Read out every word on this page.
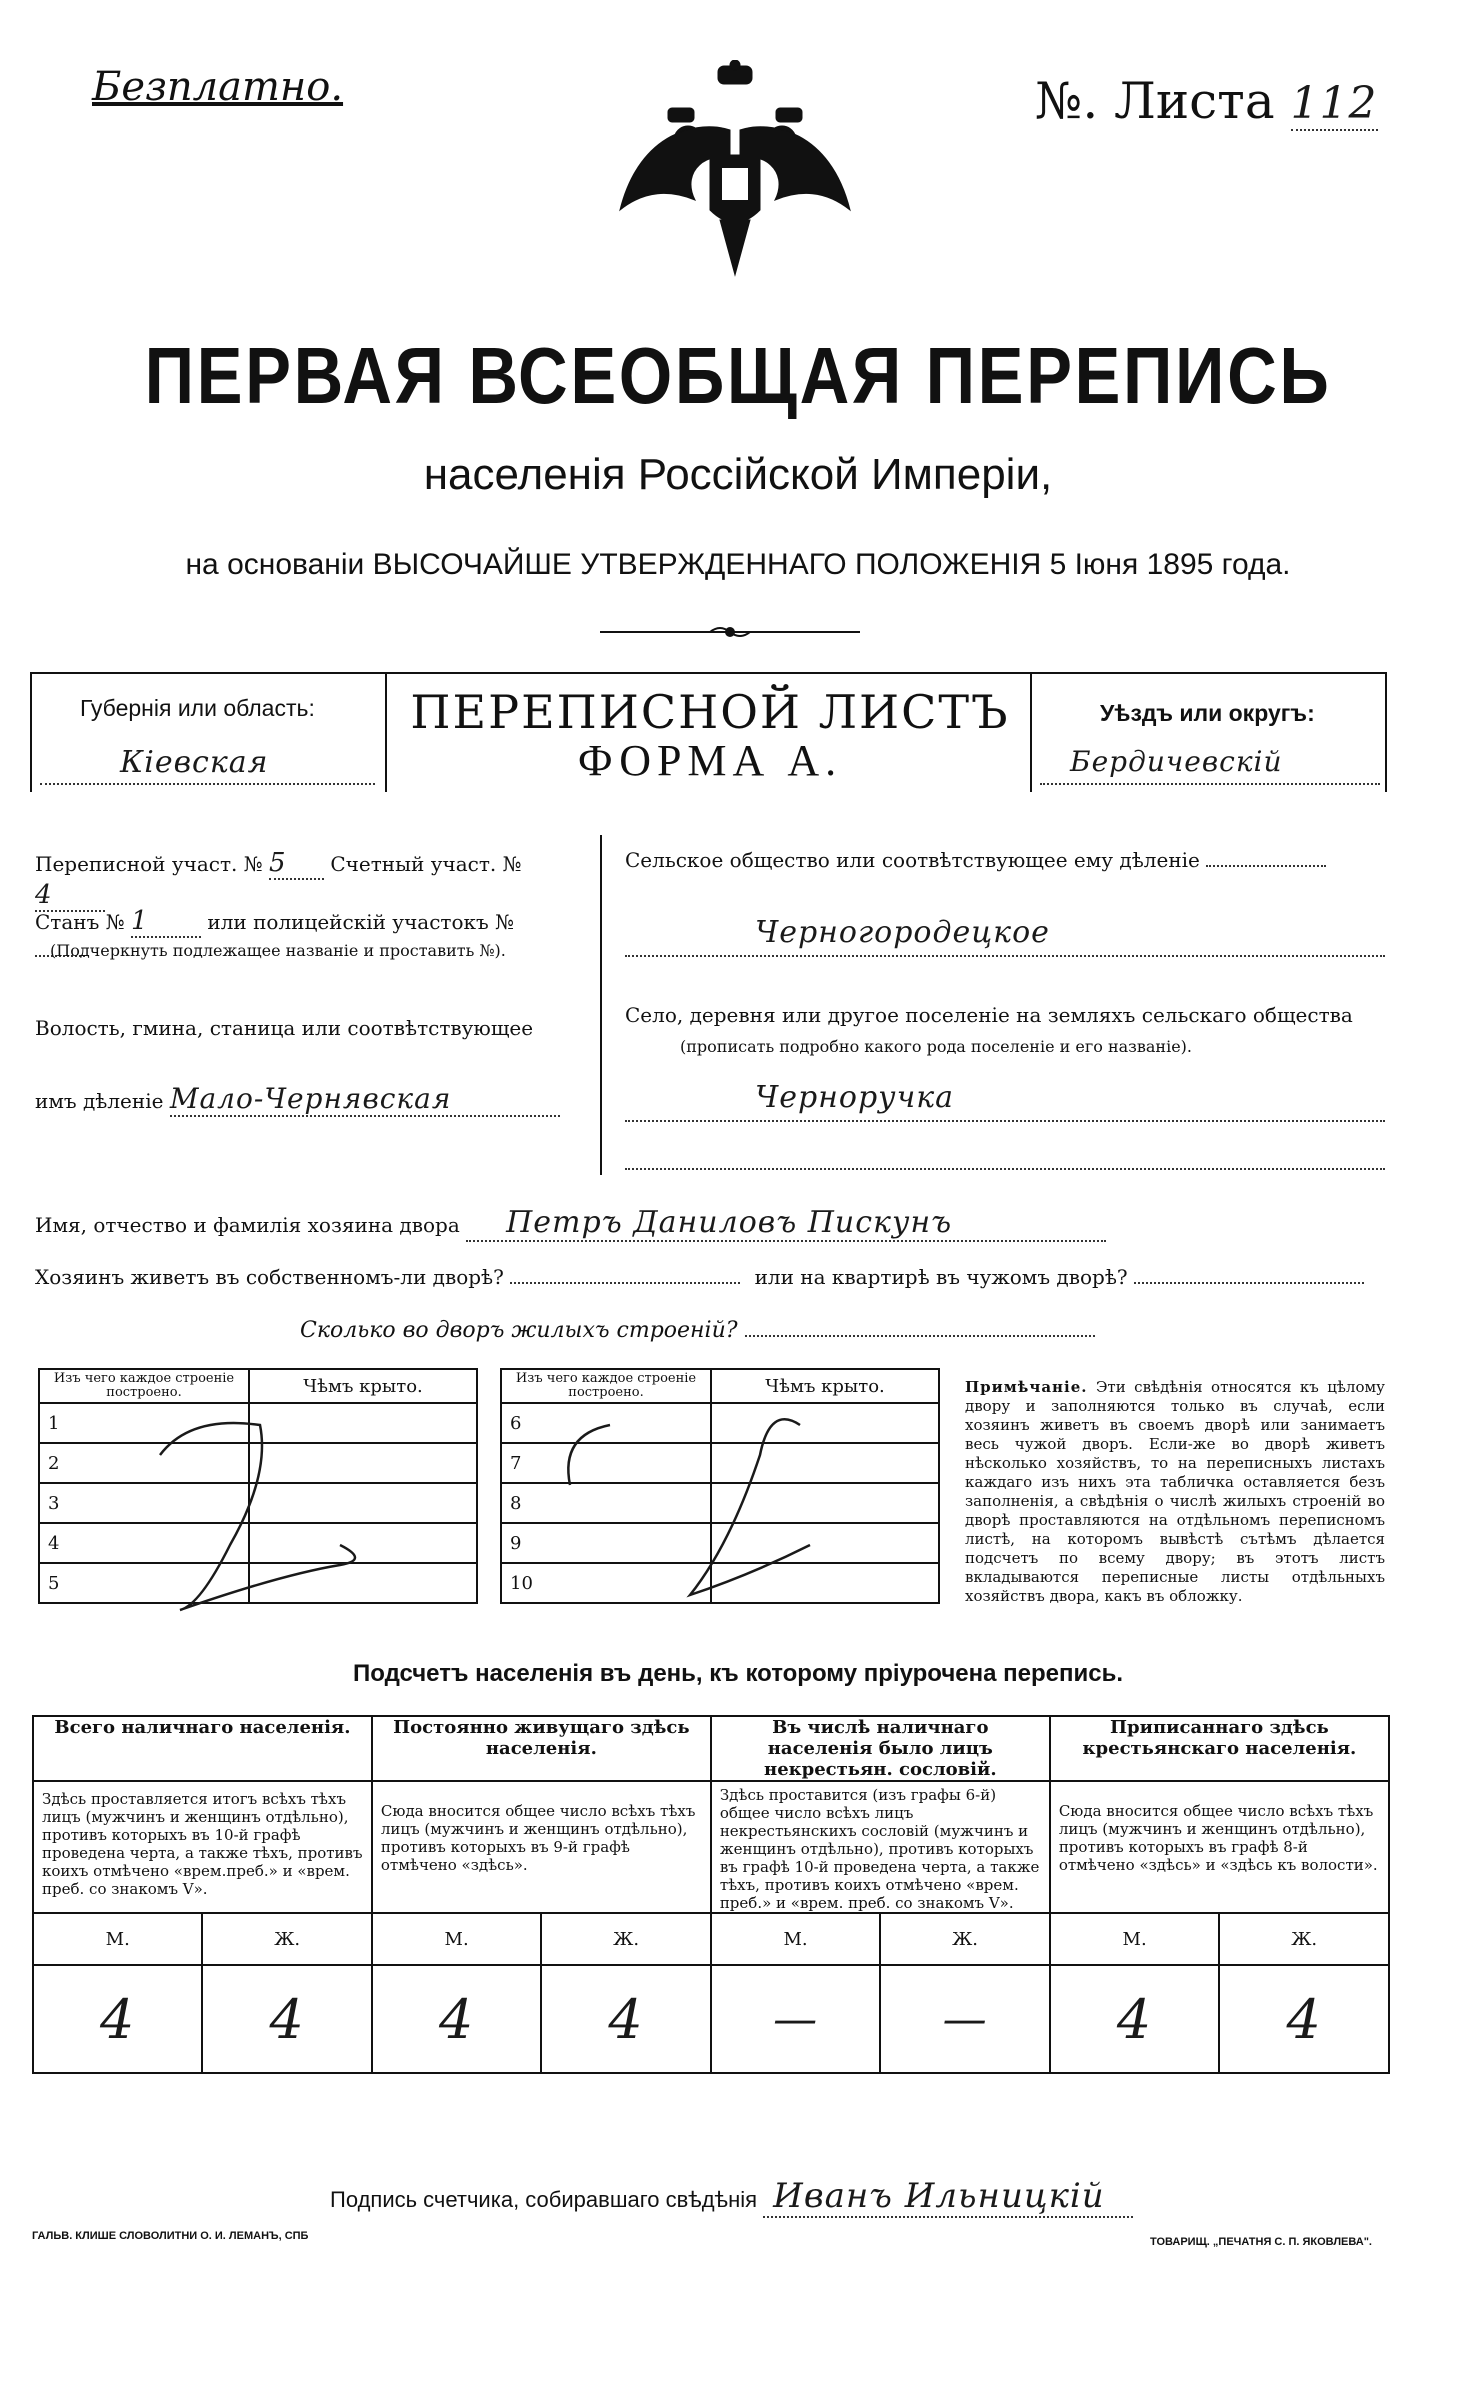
Безплатно.	№. Листа 112
ПЕРВАЯ ВСЕОБЩАЯ ПЕРЕПИСЬ
населенія Россійской Имперіи,
на основаніи ВЫСОЧАЙШЕ УТВЕРЖДЕННАГО ПОЛОЖЕНІЯ 5 Іюня 1895 года.
Губернія или область:
Кіевская
ПЕРЕПИСНОЙ ЛИСТЪ
ФОРМА А.
Уѣздъ или округъ:
Бердичевскій
Переписной участ. № 5 Счетный участ. № 4
Станъ № 1	или полицейскій участокъ №
(Подчеркнуть подлежащее названіе и проставить №).
Волость, гмина, станица или соотвѣтствующее
имъ дѣленіе Мало-Чернявская
Сельское общество или соотвѣтствующее ему дѣленіе
Черногородецкое
Село, деревня или другое поселеніе на земляхъ сельскаго общества
(прописать подробно какого рода поселеніе и его названіе).
Черноручка
Имя, отчество и фамилія хозяина двора Петръ Даниловъ Пискунъ
Хозяинъ живетъ въ собственномъ-ли дворѣ?	или на квартирѣ въ чужомъ дворѣ?
Сколько во дворъ жилыхъ строеній?
Изъ чего каждое строеніе построено.	Чѣмъ крыто.
1	
2	
3	
4	
5	
Изъ чего каждое строеніе построено.	Чѣмъ крыто.
6	
7	
8	
9	
10	
Примѣчаніе. Эти свѣдѣнія относятся къ цѣлому двору и заполняются только въ случаѣ, если хозяинъ живетъ въ своемъ дворѣ или занимаетъ весь чужой дворъ. Если-же во дворѣ живетъ нѣсколько хозяйствъ, то на переписныхъ листахъ каждаго изъ нихъ эта табличка оставляется безъ заполненія, а свѣдѣнія о числѣ жилыхъ строеній во дворѣ проставляются на отдѣльномъ переписномъ листѣ, на которомъ вывѣстѣ сътѣмъ дѣлается подсчетъ по всему двору; въ этотъ листъ вкладываются переписные листы отдѣльныхъ хозяйствъ двора, какъ въ обложку.
Подсчетъ населенія въ день, къ которому пріурочена перепись.
Всего наличнаго населенія.		Постоянно живущаго здѣсь населенія.		Въ числѣ наличнаго населенія было лицъ некрестьян. сословій.		Приписаннаго здѣсь крестьянскаго населенія.	
Здѣсь проставляется итогъ всѣхъ тѣхъ лицъ (мужчинъ и женщинъ отдѣльно), противъ которыхъ въ 10-й графѣ проведена черта, а также тѣхъ, противъ коихъ отмѣчено «врем.преб.» и «врем. преб. со знакомъ V».		Сюда вносится общее число всѣхъ тѣхъ лицъ (мужчинъ и женщинъ отдѣльно), противъ которыхъ въ 9-й графѣ отмѣчено «здѣсь».		Здѣсь проставится (изъ графы 6-й) общее число всѣхъ лицъ некрестьянскихъ сословій (мужчинъ и женщинъ отдѣльно), противъ которыхъ въ графѣ 10-й проведена черта, а также тѣхъ, противъ коихъ отмѣчено «врем. преб.» и «врем. преб. со знакомъ V».		Сюда вносится общее число всѣхъ тѣхъ лицъ (мужчинъ и женщинъ отдѣльно), противъ которыхъ въ графѣ 8-й отмѣчено «здѣсь» и «здѣсь къ волости».	
М.	Ж.	М.	Ж.	М.	Ж.	М.	Ж.
4	4	4	4	—	—	4	4
Подпись счетчика, собиравшаго свѣдѣнія Иванъ Ильницкій
ГАЛЬВ. КЛИШЕ СЛОВОЛИТНИ О. И. ЛЕМАНЪ, СПБ	ТОВАРИЩ. „ПЕЧАТНЯ С. П. ЯКОВЛЕВА".
